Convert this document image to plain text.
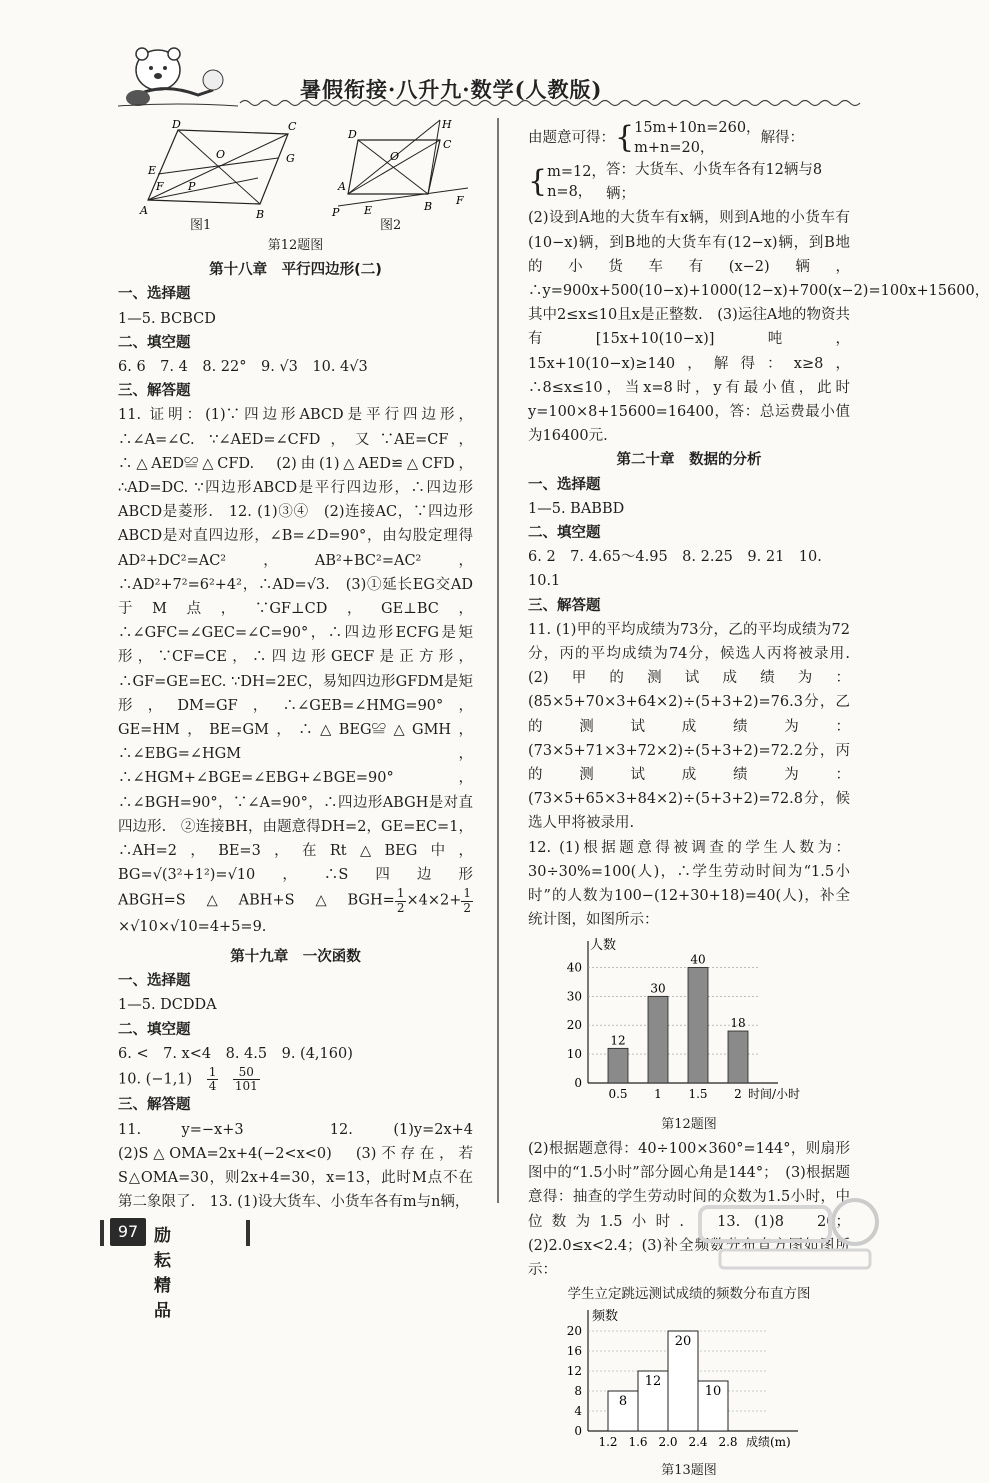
暑假衔接·八升九·数学(人教版)
D	C
E
O	G
F P
A	B
H
D
C
O
A
B
P E
F
图1	图2
第12题图
第十八章　平行四边形(二)
一、选择题
1—5. BCBCD
二、填空题
6. 6　7. 4　8. 22°　9. √3　10. 4√3
三、解答题

11. 证明：(1)∵四边形ABCD是平行四边形，∴∠A=∠C. ∵∠AED=∠CFD，又∵AE=CF，∴△AED≌△CFD.　(2)由(1)△AED≌△CFD，∴AD=DC. ∵四边形ABCD是平行四边形，∴四边形ABCD是菱形.　12. (1)③④　(2)连接AC，∵四边形ABCD是对直四边形，∠B=∠D=90°，由勾股定理得AD²+DC²=AC²，AB²+BC²=AC²，∴AD²+7²=6²+4²，∴AD=√3.　(3)①延长EG交AD于M点，∵GF⊥CD，GE⊥BC，∴∠GFC=∠GEC=∠C=90°，∴四边形ECFG是矩形，∵CF=CE，∴四边形GECF是正方形，∴GF=GE=EC. ∵DH=2EC，易知四边形GFDM是矩形，DM=GF，∴∠GEB=∠HMG=90°，GE=HM，BE=GM，∴△BEG≌△GMH，∴∠EBG=∠HGM，∴∠HGM+∠BGE=∠EBG+∠BGE=90°，∴∠BGH=90°，∵∠A=90°，∴四边形ABGH是对直四边形.　②连接BH，由题意得DH=2，GE=EC=1，∴AH=2，BE=3，在Rt△BEG中，BG=√(3²+1²)=√10，∴S四边形ABGH=S△ABH+S△BGH= $\frac{1}{2} \times 4\times 2+ \frac{1}{2}$
×√10×√10=4+5=9.

第十九章　一次函数
一、选择题
1—5. DCDDA
二、填空题
6. <　7. x<4　8. 4.5　9. (4,160)
10. (−1,1)　 $\frac{1}{4}$
　 $\frac{50}{101}$
三、解答题

11. y=−x+3　12. (1)y=2x+4　(2)S△OMA=2x+4(−2<x<0)　(3)不存在，若S△OMA=30，则2x+4=30，x=13，此时M点不在第二象限了.　13. (1)设大货车、小货车各有m与n辆，

由题意可得： { 15m+10n=260，
m+n=20，
解得：
{ m=12，
n=8，
答：大货车、小货车各有12辆与8辆；

(2)设到A地的大货车有x辆，则到A地的小货车有(10−x)辆，到B地的大货车有(12−x)辆，到B地的小货车有(x−2)辆，∴y=900x+500(10−x)+1000(12−x)+700(x−2)=100x+15600，其中2≤x≤10且x是正整数.　(3)运往A地的物资共有[15x+10(10−x)]吨，15x+10(10−x)≥140，解得：x≥8，∴8≤x≤10，当x=8时，y有最小值，此时y=100×8+15600=16400，答：总运费最小值为16400元.

第二十章　数据的分析
一、选择题
1—5. BABBD
二、填空题
6. 2　7. 4.65～4.95　8. 2.25　9. 21　10. 10.1
三、解答题

11. (1)甲的平均成绩为73分，乙的平均成绩为72分，丙的平均成绩为74分，候选人丙将被录用.　(2)甲的测试成绩为：(85×5+70×3+64×2)÷(5+3+2)=76.3分，乙的测试成绩为：(73×5+71×3+72×2)÷(5+3+2)=72.2分，丙的测试成绩为：(73×5+65×3+84×2)÷(5+3+2)=72.8分，候选人甲将被录用.
12. (1)根据题意得被调查的学生人数为：30÷30%=100(人)，∴学生劳动时间为“1.5小时”的人数为100−(12+30+18)=40(人)，补全统计图，如图所示：

人数
0
10
20
30
40
12
0.5
30
1
40
1.5
18
2 时间/小时
第12题图

(2)根据题意得：40÷100×360°=144°，则扇形图中的“1.5小时”部分圆心角是144°；　(3)根据题意得：抽查的学生劳动时间的众数为1.5小时，中位数为1.5小时.　13. (1)8　20；(2)2.0≤x<2.4；(3)补全频数分布直方图如图所示：

学生立定跳远测试成绩的频数分布直方图
频数
0
4
8
12
16
20
8
12
20
10
1.2 1.6 2.0 2.4 2.8 成绩(m)
第13题图
97 励耘精品
